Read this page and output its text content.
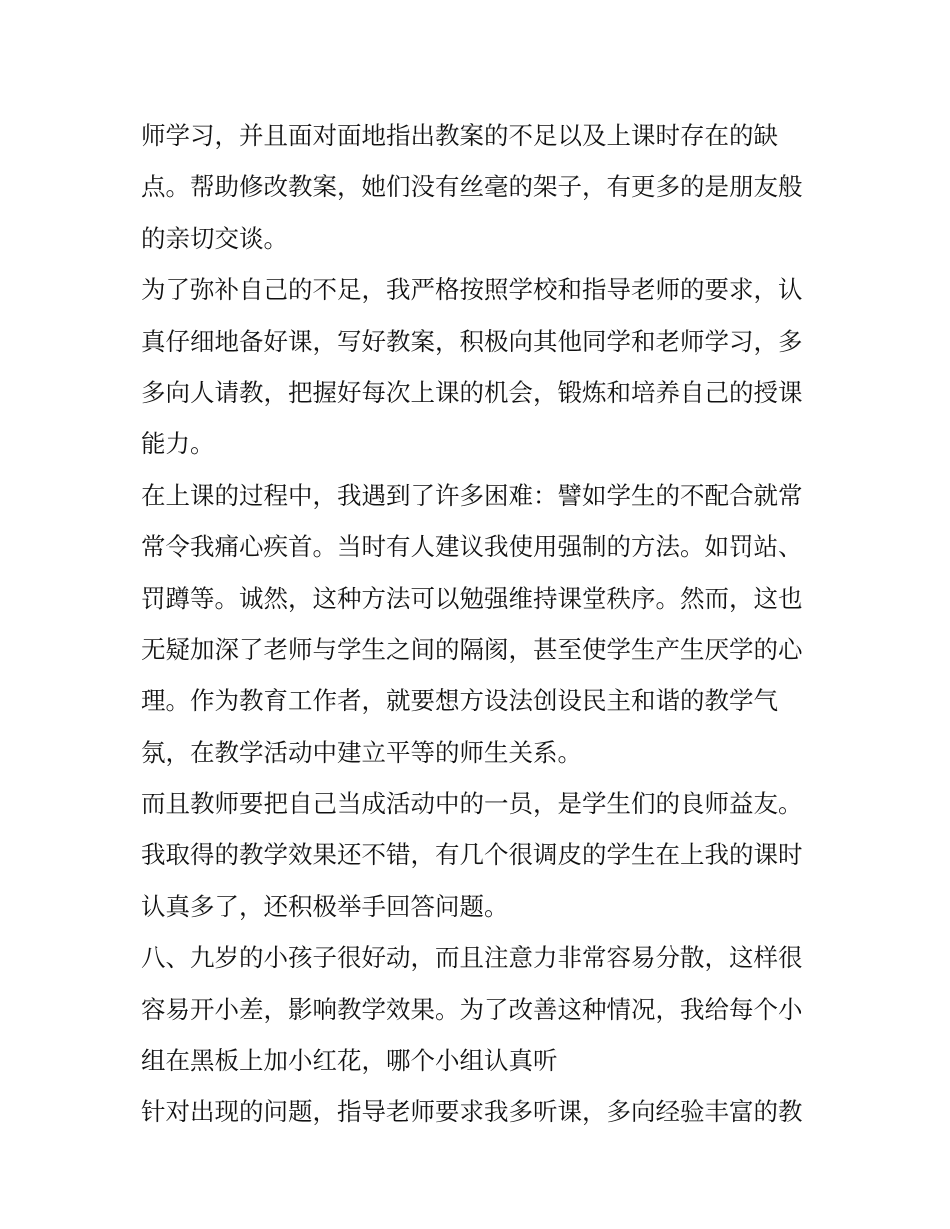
师学习，并且面对面地指出教案的不足以及上课时存在的缺
点。帮助修改教案，她们没有丝毫的架子，有更多的是朋友般
的亲切交谈。
为了弥补自己的不足，我严格按照学校和指导老师的要求，认
真仔细地备好课，写好教案，积极向其他同学和老师学习，多
多向人请教，把握好每次上课的机会，锻炼和培养自己的授课
能力。
在上课的过程中，我遇到了许多困难：譬如学生的不配合就常
常令我痛心疾首。当时有人建议我使用强制的方法。如罚站、
罚蹲等。诚然，这种方法可以勉强维持课堂秩序。然而，这也
无疑加深了老师与学生之间的隔阂，甚至使学生产生厌学的心
理。作为教育工作者，就要想方设法创设民主和谐的教学气
氛，在教学活动中建立平等的师生关系。
而且教师要把自己当成活动中的一员，是学生们的良师益友。
我取得的教学效果还不错，有几个很调皮的学生在上我的课时
认真多了，还积极举手回答问题。
八、九岁的小孩子很好动，而且注意力非常容易分散，这样很
容易开小差，影响教学效果。为了改善这种情况，我给每个小
组在黑板上加小红花，哪个小组认真听
针对出现的问题，指导老师要求我多听课，多向经验丰富的教
